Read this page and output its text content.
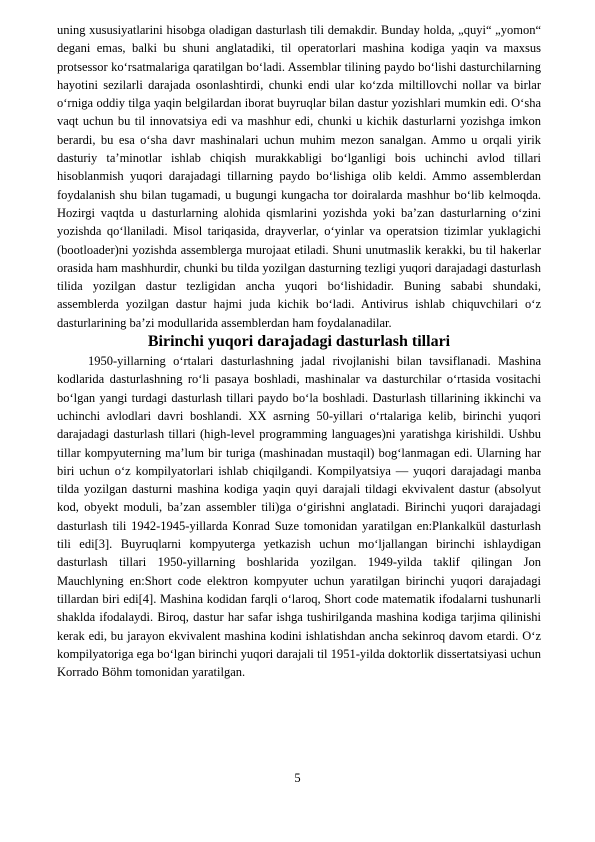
uning xususiyatlarini hisobga oladigan dasturlash tili demakdir. Bunday holda, „quyi“ „yomon“ degani emas, balki bu shuni anglatadiki, til operatorlari mashina kodiga yaqin va maxsus protsessor ko‘rsatmalariga qaratilgan bo‘ladi. Assemblar tilining paydo bo‘lishi dasturchilarning hayotini sezilarli darajada osonlashtirdi, chunki endi ular ko‘zda miltillovchi nollar va birlar o‘rniga oddiy tilga yaqin belgilardan iborat buyruqlar bilan dastur yozishlari mumkin edi. O‘sha vaqt uchun bu til innovatsiya edi va mashhur edi, chunki u kichik dasturlarni yozishga imkon berardi, bu esa o‘sha davr mashinalari uchun muhim mezon sanalgan. Ammo u orqali yirik dasturiy ta’minotlar ishlab chiqish murakkabligi bo‘lganligi bois uchinchi avlod tillari hisoblanmish yuqori darajadagi tillarning paydo bo‘lishiga olib keldi. Ammo assemblerdan foydalanish shu bilan tugamadi, u bugungi kungacha tor doiralarda mashhur bo‘lib kelmoqda. Hozirgi vaqtda u dasturlarning alohida qismlarini yozishda yoki ba’zan dasturlarning o‘zini yozishda qo‘llaniladi. Misol tariqasida, drayverlar, o‘yinlar va operatsion tizimlar yuklagichi (bootloader)ni yozishda assemblerga murojaat etiladi. Shuni unutmaslik kerakki, bu til hakerlar orasida ham mashhurdir, chunki bu tilda yozilgan dasturning tezligi yuqori darajadagi dasturlash tilida yozilgan dastur tezligidan ancha yuqori bo‘lishidadir. Buning sababi shundaki, assemblerda yozilgan dastur hajmi juda kichik bo‘ladi. Antivirus ishlab chiquvchilari o‘z dasturlarining ba’zi modullarida assemblerdan ham foydalanadilar.

Birinchi yuqori darajadagi dasturlash tillari

1950-yillarning o‘rtalari dasturlashning jadal rivojlanishi bilan tavsiflanadi. Mashina kodlarida dasturlashning ro‘li pasaya boshladi, mashinalar va dasturchilar o‘rtasida vositachi bo‘lgan yangi turdagi dasturlash tillari paydo bo‘la boshladi. Dasturlash tillarining ikkinchi va uchinchi avlodlari davri boshlandi. XX asrning 50-yillari o‘rtalariga kelib, birinchi yuqori darajadagi dasturlash tillari (high-level programming languages)ni yaratishga kirishildi. Ushbu tillar kompyuterning ma’lum bir turiga (mashinadan mustaqil) bog‘lanmagan edi. Ularning har biri uchun o‘z kompilyatorlari ishlab chiqilgandi. Kompilyatsiya — yuqori darajadagi manba tilda yozilgan dasturni mashina kodiga yaqin quyi darajali tildagi ekvivalent dastur (absolyut kod, obyekt moduli, ba’zan assembler tili)ga o‘girishni anglatadi. Birinchi yuqori darajadagi dasturlash tili 1942-1945-yillarda Konrad Suze tomonidan yaratilgan en:Plankalkül dasturlash tili edi[3]. Buyruqlarni kompyuterga yetkazish uchun mo‘ljallangan birinchi ishlaydigan dasturlash tillari 1950-yillarning boshlarida yozilgan. 1949-yilda taklif qilingan Jon Mauchlyning en:Short code elektron kompyuter uchun yaratilgan birinchi yuqori darajadagi tillardan biri edi[4]. Mashina kodidan farqli o‘laroq, Short code matematik ifodalarni tushunarli shaklda ifodalaydi. Biroq, dastur har safar ishga tushirilganda mashina kodiga tarjima qilinishi kerak edi, bu jarayon ekvivalent mashina kodini ishlatishdan ancha sekinroq davom etardi. O‘z kompilyatoriga ega bo‘lgan birinchi yuqori darajali til 1951-yilda doktorlik dissertatsiyasi uchun Korrado Böhm tomonidan yaratilgan.

5
